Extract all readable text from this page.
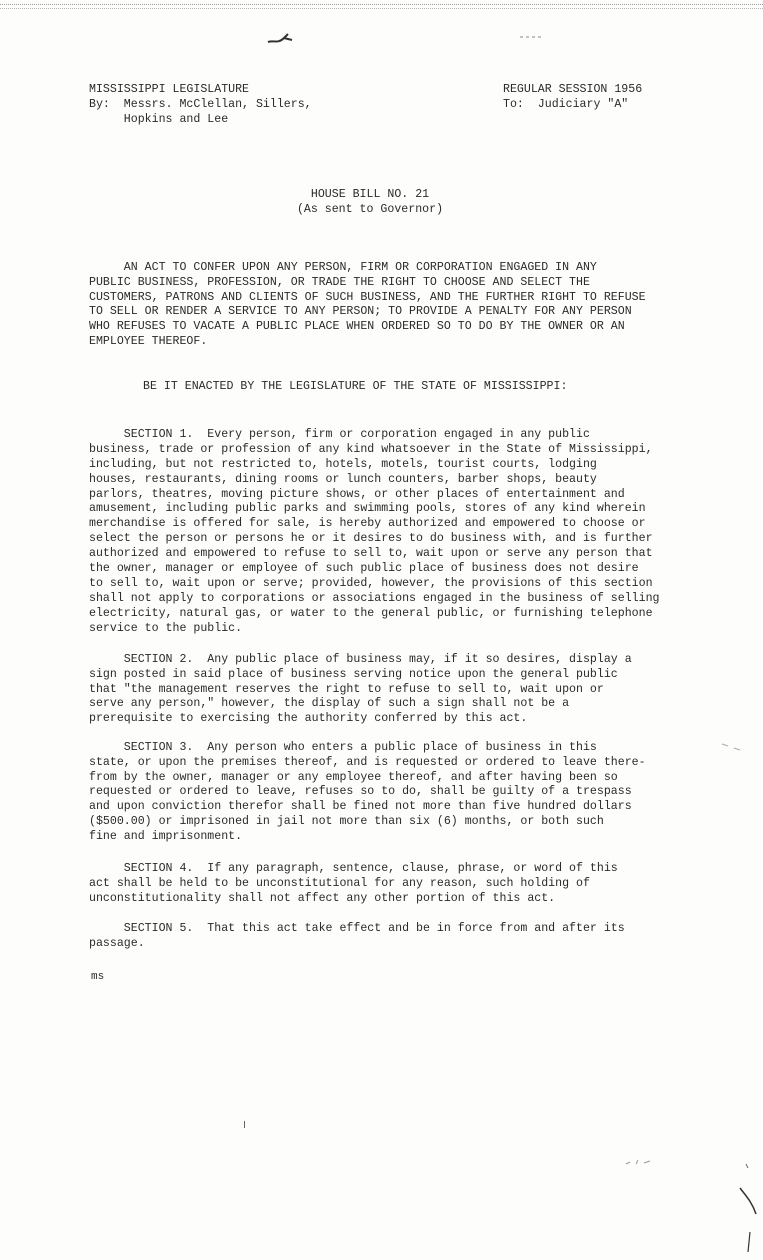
MISSISSIPPI LEGISLATURE
By:  Messrs. McClellan, Sillers,
Hopkins and Lee
REGULAR SESSION 1956
To:  Judiciary "A"
HOUSE BILL NO. 21
(As sent to Governor)
AN ACT TO CONFER UPON ANY PERSON, FIRM OR CORPORATION ENGAGED IN ANY
PUBLIC BUSINESS, PROFESSION, OR TRADE THE RIGHT TO CHOOSE AND SELECT THE
CUSTOMERS, PATRONS AND CLIENTS OF SUCH BUSINESS, AND THE FURTHER RIGHT TO REFUSE
TO SELL OR RENDER A SERVICE TO ANY PERSON; TO PROVIDE A PENALTY FOR ANY PERSON
WHO REFUSES TO VACATE A PUBLIC PLACE WHEN ORDERED SO TO DO BY THE OWNER OR AN
EMPLOYEE THEREOF.
BE IT ENACTED BY THE LEGISLATURE OF THE STATE OF MISSISSIPPI:
SECTION 1.  Every person, firm or corporation engaged in any public
business, trade or profession of any kind whatsoever in the State of Mississippi,
including, but not restricted to, hotels, motels, tourist courts, lodging
houses, restaurants, dining rooms or lunch counters, barber shops, beauty
parlors, theatres, moving picture shows, or other places of entertainment and
amusement, including public parks and swimming pools, stores of any kind wherein
merchandise is offered for sale, is hereby authorized and empowered to choose or
select the person or persons he or it desires to do business with, and is further
authorized and empowered to refuse to sell to, wait upon or serve any person that
the owner, manager or employee of such public place of business does not desire
to sell to, wait upon or serve; provided, however, the provisions of this section
shall not apply to corporations or associations engaged in the business of selling
electricity, natural gas, or water to the general public, or furnishing telephone
service to the public.
SECTION 2.  Any public place of business may, if it so desires, display a
sign posted in said place of business serving notice upon the general public
that "the management reserves the right to refuse to sell to, wait upon or
serve any person," however, the display of such a sign shall not be a
prerequisite to exercising the authority conferred by this act.
SECTION 3.  Any person who enters a public place of business in this
state, or upon the premises thereof, and is requested or ordered to leave there-
from by the owner, manager or any employee thereof, and after having been so
requested or ordered to leave, refuses so to do, shall be guilty of a trespass
and upon conviction therefor shall be fined not more than five hundred dollars
($500.00) or imprisoned in jail not more than six (6) months, or both such
fine and imprisonment.
SECTION 4.  If any paragraph, sentence, clause, phrase, or word of this
act shall be held to be unconstitutional for any reason, such holding of
unconstitutionality shall not affect any other portion of this act.
SECTION 5.  That this act take effect and be in force from and after its
passage.
ms
